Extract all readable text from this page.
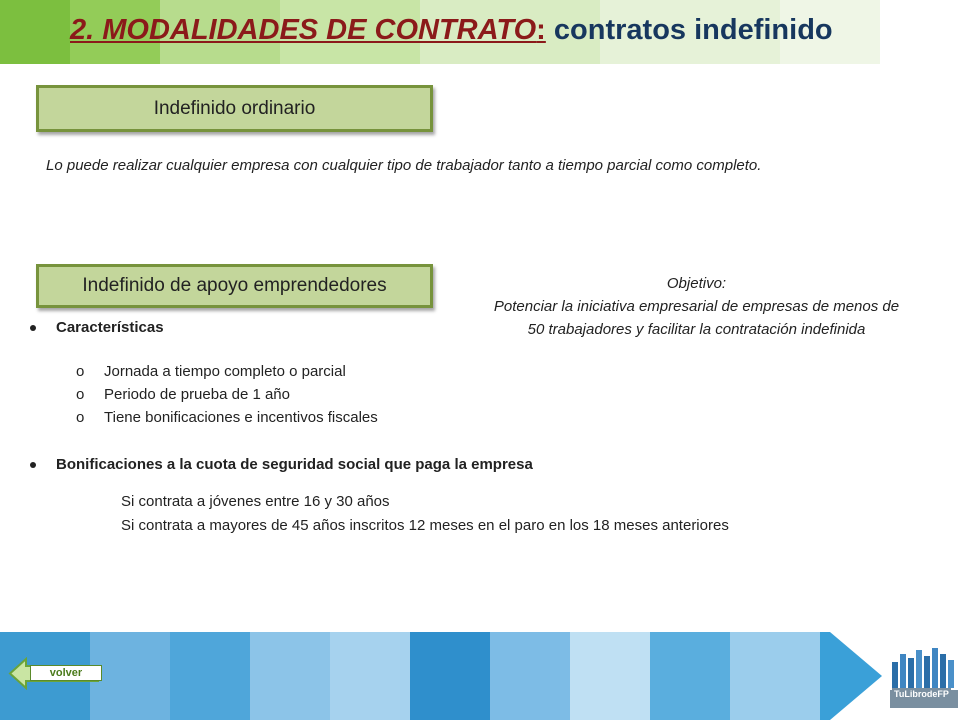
2. MODALIDADES DE CONTRATO: contratos indefinido
Indefinido ordinario
Lo puede realizar cualquier empresa con cualquier tipo de trabajador tanto a tiempo parcial como completo.
Indefinido de apoyo emprendedores	Objetivo:
Potenciar la iniciativa empresarial de empresas de menos de 50 trabajadores y facilitar la contratación indefinida
Características
o	Jornada a tiempo completo o parcial
o	Periodo de prueba de 1 año
o	Tiene bonificaciones e incentivos fiscales
Bonificaciones a la cuota de seguridad social que paga la empresa
Si contrata a jóvenes entre 16 y 30 años
Si contrata a mayores de 45 años inscritos 12 meses en el paro en los 18 meses anteriores
volver
TuLibrodeFP
